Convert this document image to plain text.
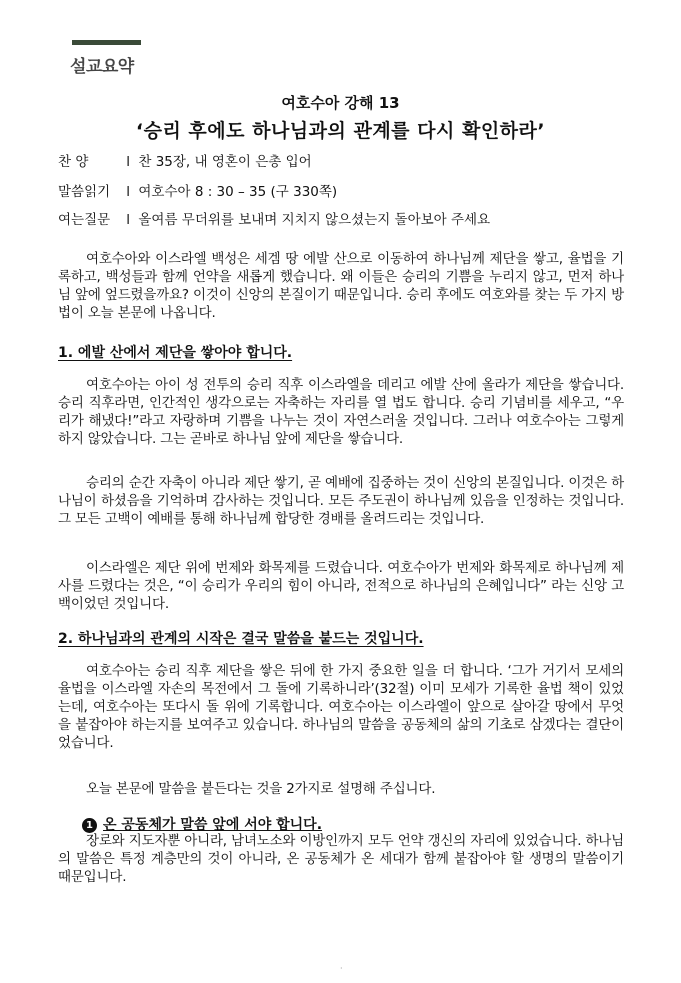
설교요약
여호수아 강해 13
‘승리 후에도 하나님과의 관계를 다시 확인하라’
찬 양	l 찬 35장, 내 영혼이 은총 입어
말씀읽기 l 여호수아 8 : 30 – 35 (구 330쪽)
여는질문 l 올여름 무더위를 보내며 지치지 않으셨는지 돌아보아 주세요
여호수아와 이스라엘 백성은 세겜 땅 에발 산으로 이동하여 하나님께 제단을 쌓고, 율법을 기록하고, 백성들과 함께 언약을 새롭게 했습니다. 왜 이들은 승리의 기쁨을 누리지 않고, 먼저 하나님 앞에 엎드렸을까요? 이것이 신앙의 본질이기 때문입니다. 승리 후에도 여호와를 찾는 두 가지 방법이 오늘 본문에 나옵니다.
1. 에발 산에서 제단을 쌓아야 합니다.
여호수아는 아이 성 전투의 승리 직후 이스라엘을 데리고 에발 산에 올라가 제단을 쌓습니다. 승리 직후라면, 인간적인 생각으로는 자축하는 자리를 열 법도 합니다. 승리 기념비를 세우고, “우리가 해냈다!”라고 자랑하며 기쁨을 나누는 것이 자연스러울 것입니다. 그러나 여호수아는 그렇게 하지 않았습니다. 그는 곧바로 하나님 앞에 제단을 쌓습니다.
승리의 순간 자축이 아니라 제단 쌓기, 곧 예배에 집중하는 것이 신앙의 본질입니다. 이것은 하나님이 하셨음을 기억하며 감사하는 것입니다. 모든 주도권이 하나님께 있음을 인정하는 것입니다. 그 모든 고백이 예배를 통해 하나님께 합당한 경배를 올려드리는 것입니다.
이스라엘은 제단 위에 번제와 화목제를 드렸습니다. 여호수아가 번제와 화목제로 하나님께 제사를 드렸다는 것은, “이 승리가 우리의 힘이 아니라, 전적으로 하나님의 은혜입니다” 라는 신앙 고백이었던 것입니다.
2. 하나님과의 관계의 시작은 결국 말씀을 붙드는 것입니다.
여호수아는 승리 직후 제단을 쌓은 뒤에 한 가지 중요한 일을 더 합니다. ‘그가 거기서 모세의 율법을 이스라엘 자손의 목전에서 그 돌에 기록하니라’(32절) 이미 모세가 기록한 율법 책이 있었는데, 여호수아는 또다시 돌 위에 기록합니다. 여호수아는 이스라엘이 앞으로 살아갈 땅에서 무엇을 붙잡아야 하는지를 보여주고 있습니다. 하나님의 말씀을 공동체의 삶의 기초로 삼겠다는 결단이었습니다.
오늘 본문에 말씀을 붙든다는 것을 2가지로 설명해 주십니다.
1 온 공동체가 말씀 앞에 서야 합니다.
장로와 지도자뿐 아니라, 남녀노소와 이방인까지 모두 언약 갱신의 자리에 있었습니다. 하나님의 말씀은 특정 계층만의 것이 아니라, 온 공동체가 온 세대가 함께 붙잡아야 할 생명의 말씀이기 때문입니다.
·
